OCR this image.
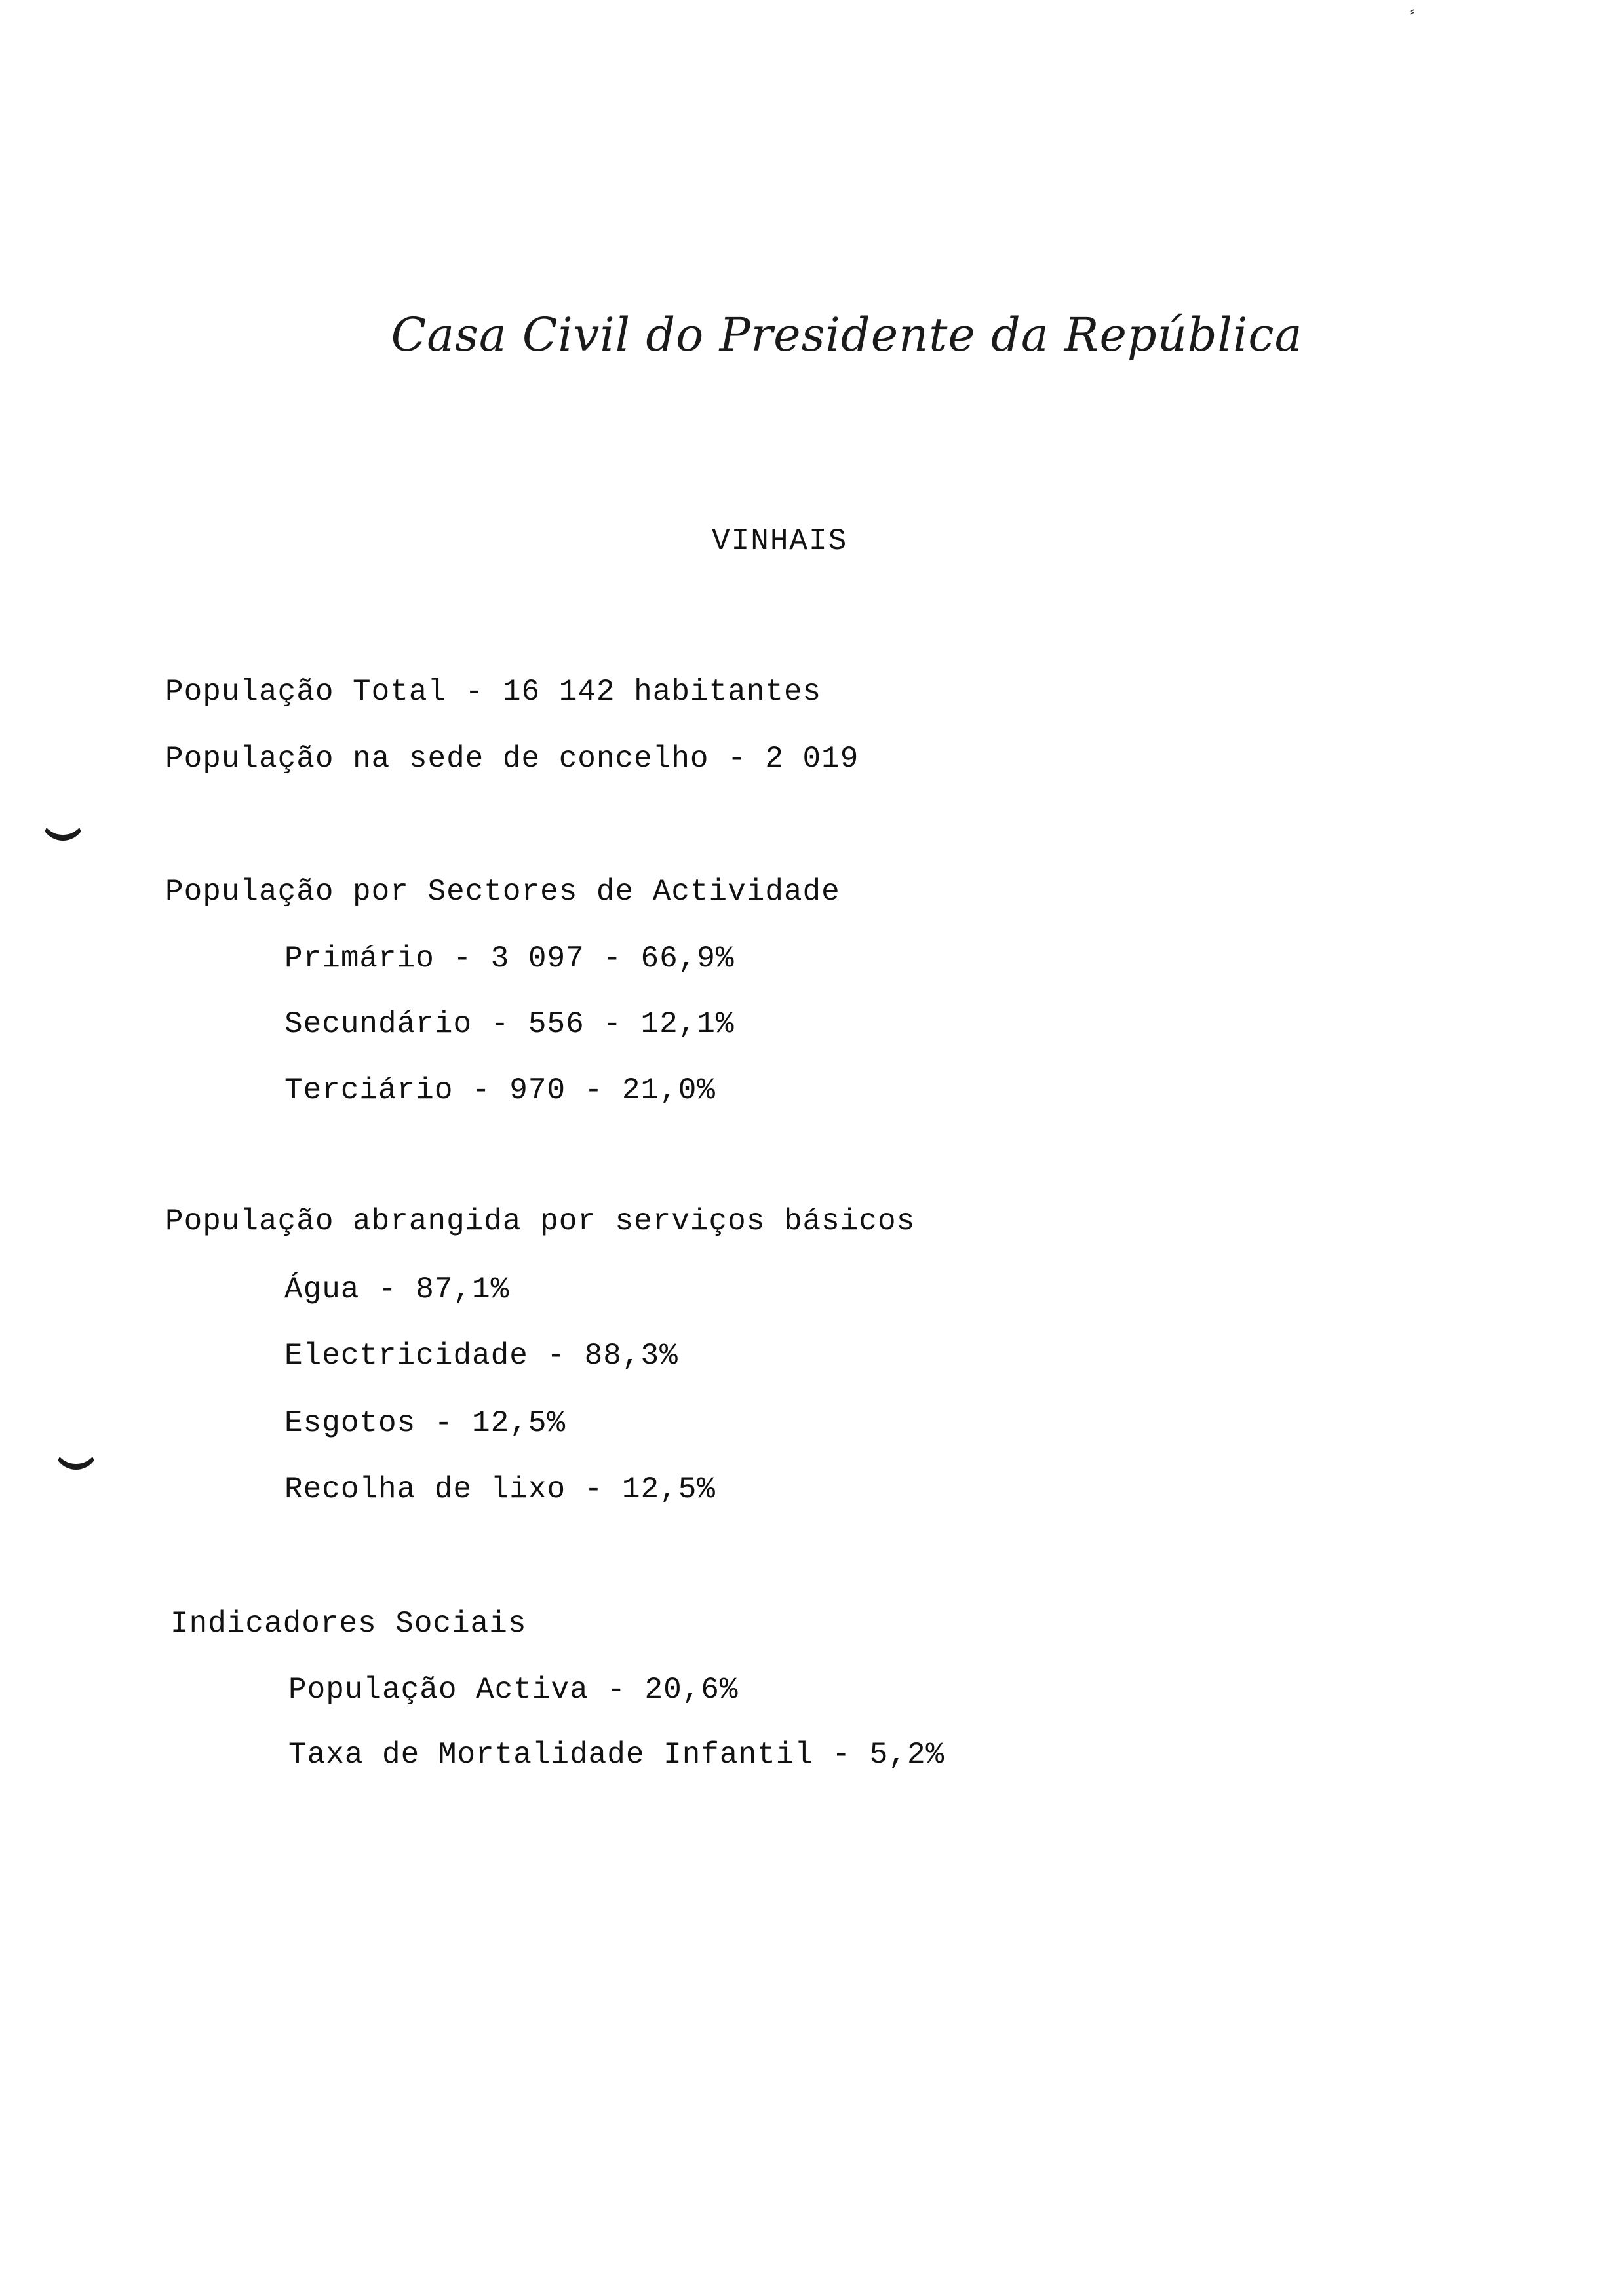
⸗
Casa Civil do Presidente da República
VINHAIS
População Total - 16 142 habitantes
População na sede de concelho - 2 019
População por Sectores de Actividade
Primário - 3 097 - 66,9%
Secundário - 556 - 12,1%
Terciário - 970 - 21,0%
População abrangida por serviços básicos
Água - 87,1%
Electricidade - 88,3%
Esgotos - 12,5%
Recolha de lixo - 12,5%
Indicadores Sociais
População Activa - 20,6%
Taxa de Mortalidade Infantil - 5,2%
